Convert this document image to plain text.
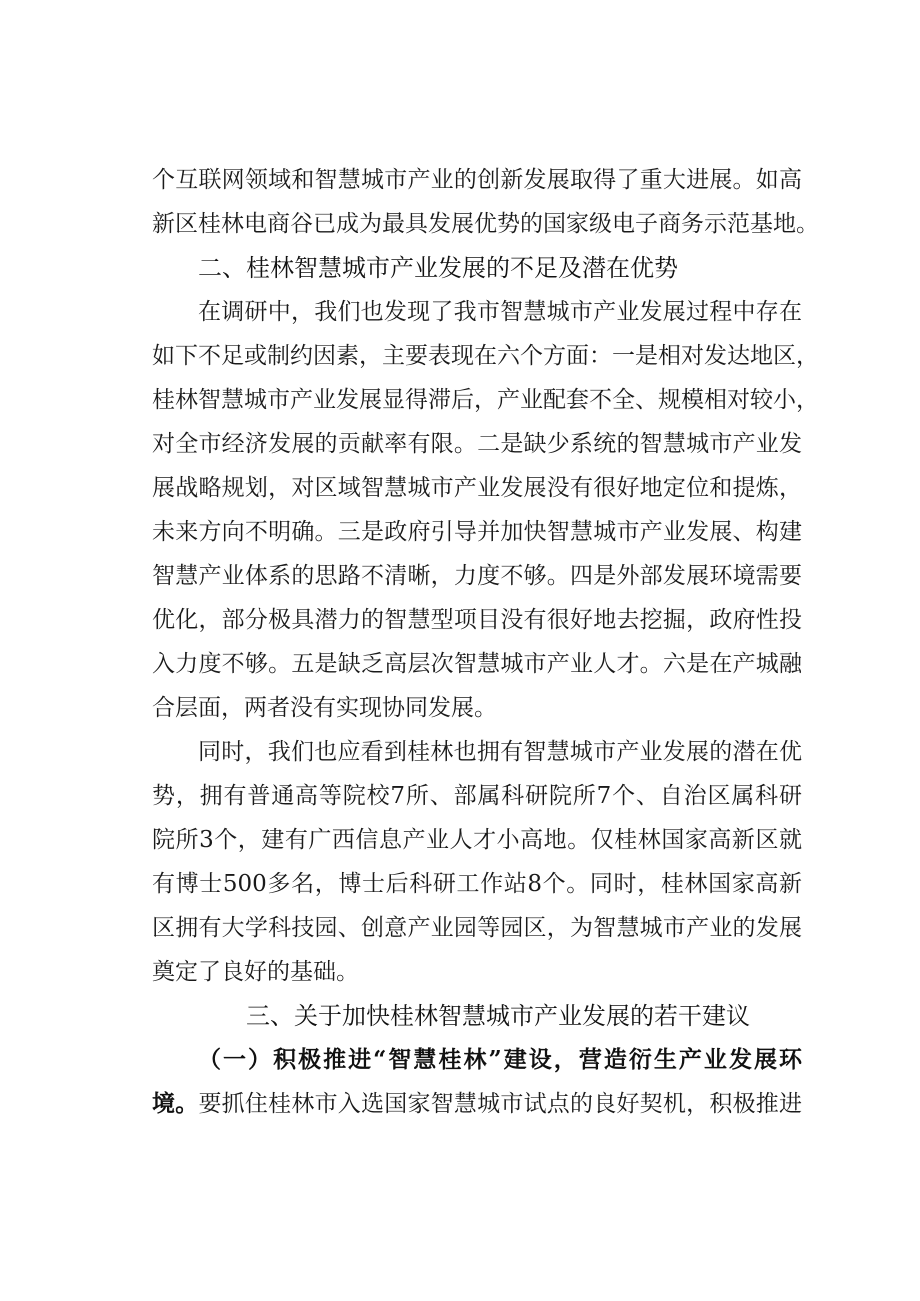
个互联网领域和智慧城市产业的创新发展取得了重大进展。如高
新区桂林电商谷已成为最具发展优势的国家级电子商务示范基地。
二、桂林智慧城市产业发展的不足及潜在优势
在调研中，我们也发现了我市智慧城市产业发展过程中存在
如下不足或制约因素，主要表现在六个方面：一是相对发达地区，
桂林智慧城市产业发展显得滞后，产业配套不全、规模相对较小，
对全市经济发展的贡献率有限。二是缺少系统的智慧城市产业发
展战略规划，对区域智慧城市产业发展没有很好地定位和提炼，
未来方向不明确。三是政府引导并加快智慧城市产业发展、构建
智慧产业体系的思路不清晰，力度不够。四是外部发展环境需要
优化，部分极具潜力的智慧型项目没有很好地去挖掘，政府性投
入力度不够。五是缺乏高层次智慧城市产业人才。六是在产城融
合层面，两者没有实现协同发展。
同时，我们也应看到桂林也拥有智慧城市产业发展的潜在优
势，拥有普通高等院校7所、部属科研院所7个、自治区属科研
院所3个，建有广西信息产业人才小高地。仅桂林国家高新区就
有博士500多名，博士后科研工作站8个。同时，桂林国家高新
区拥有大学科技园、创意产业园等园区，为智慧城市产业的发展
奠定了良好的基础。
三、关于加快桂林智慧城市产业发展的若干建议
（一）积极推进“智慧桂林”建设，营造衍生产业发展环
境。要抓住桂林市入选国家智慧城市试点的良好契机，积极推进
